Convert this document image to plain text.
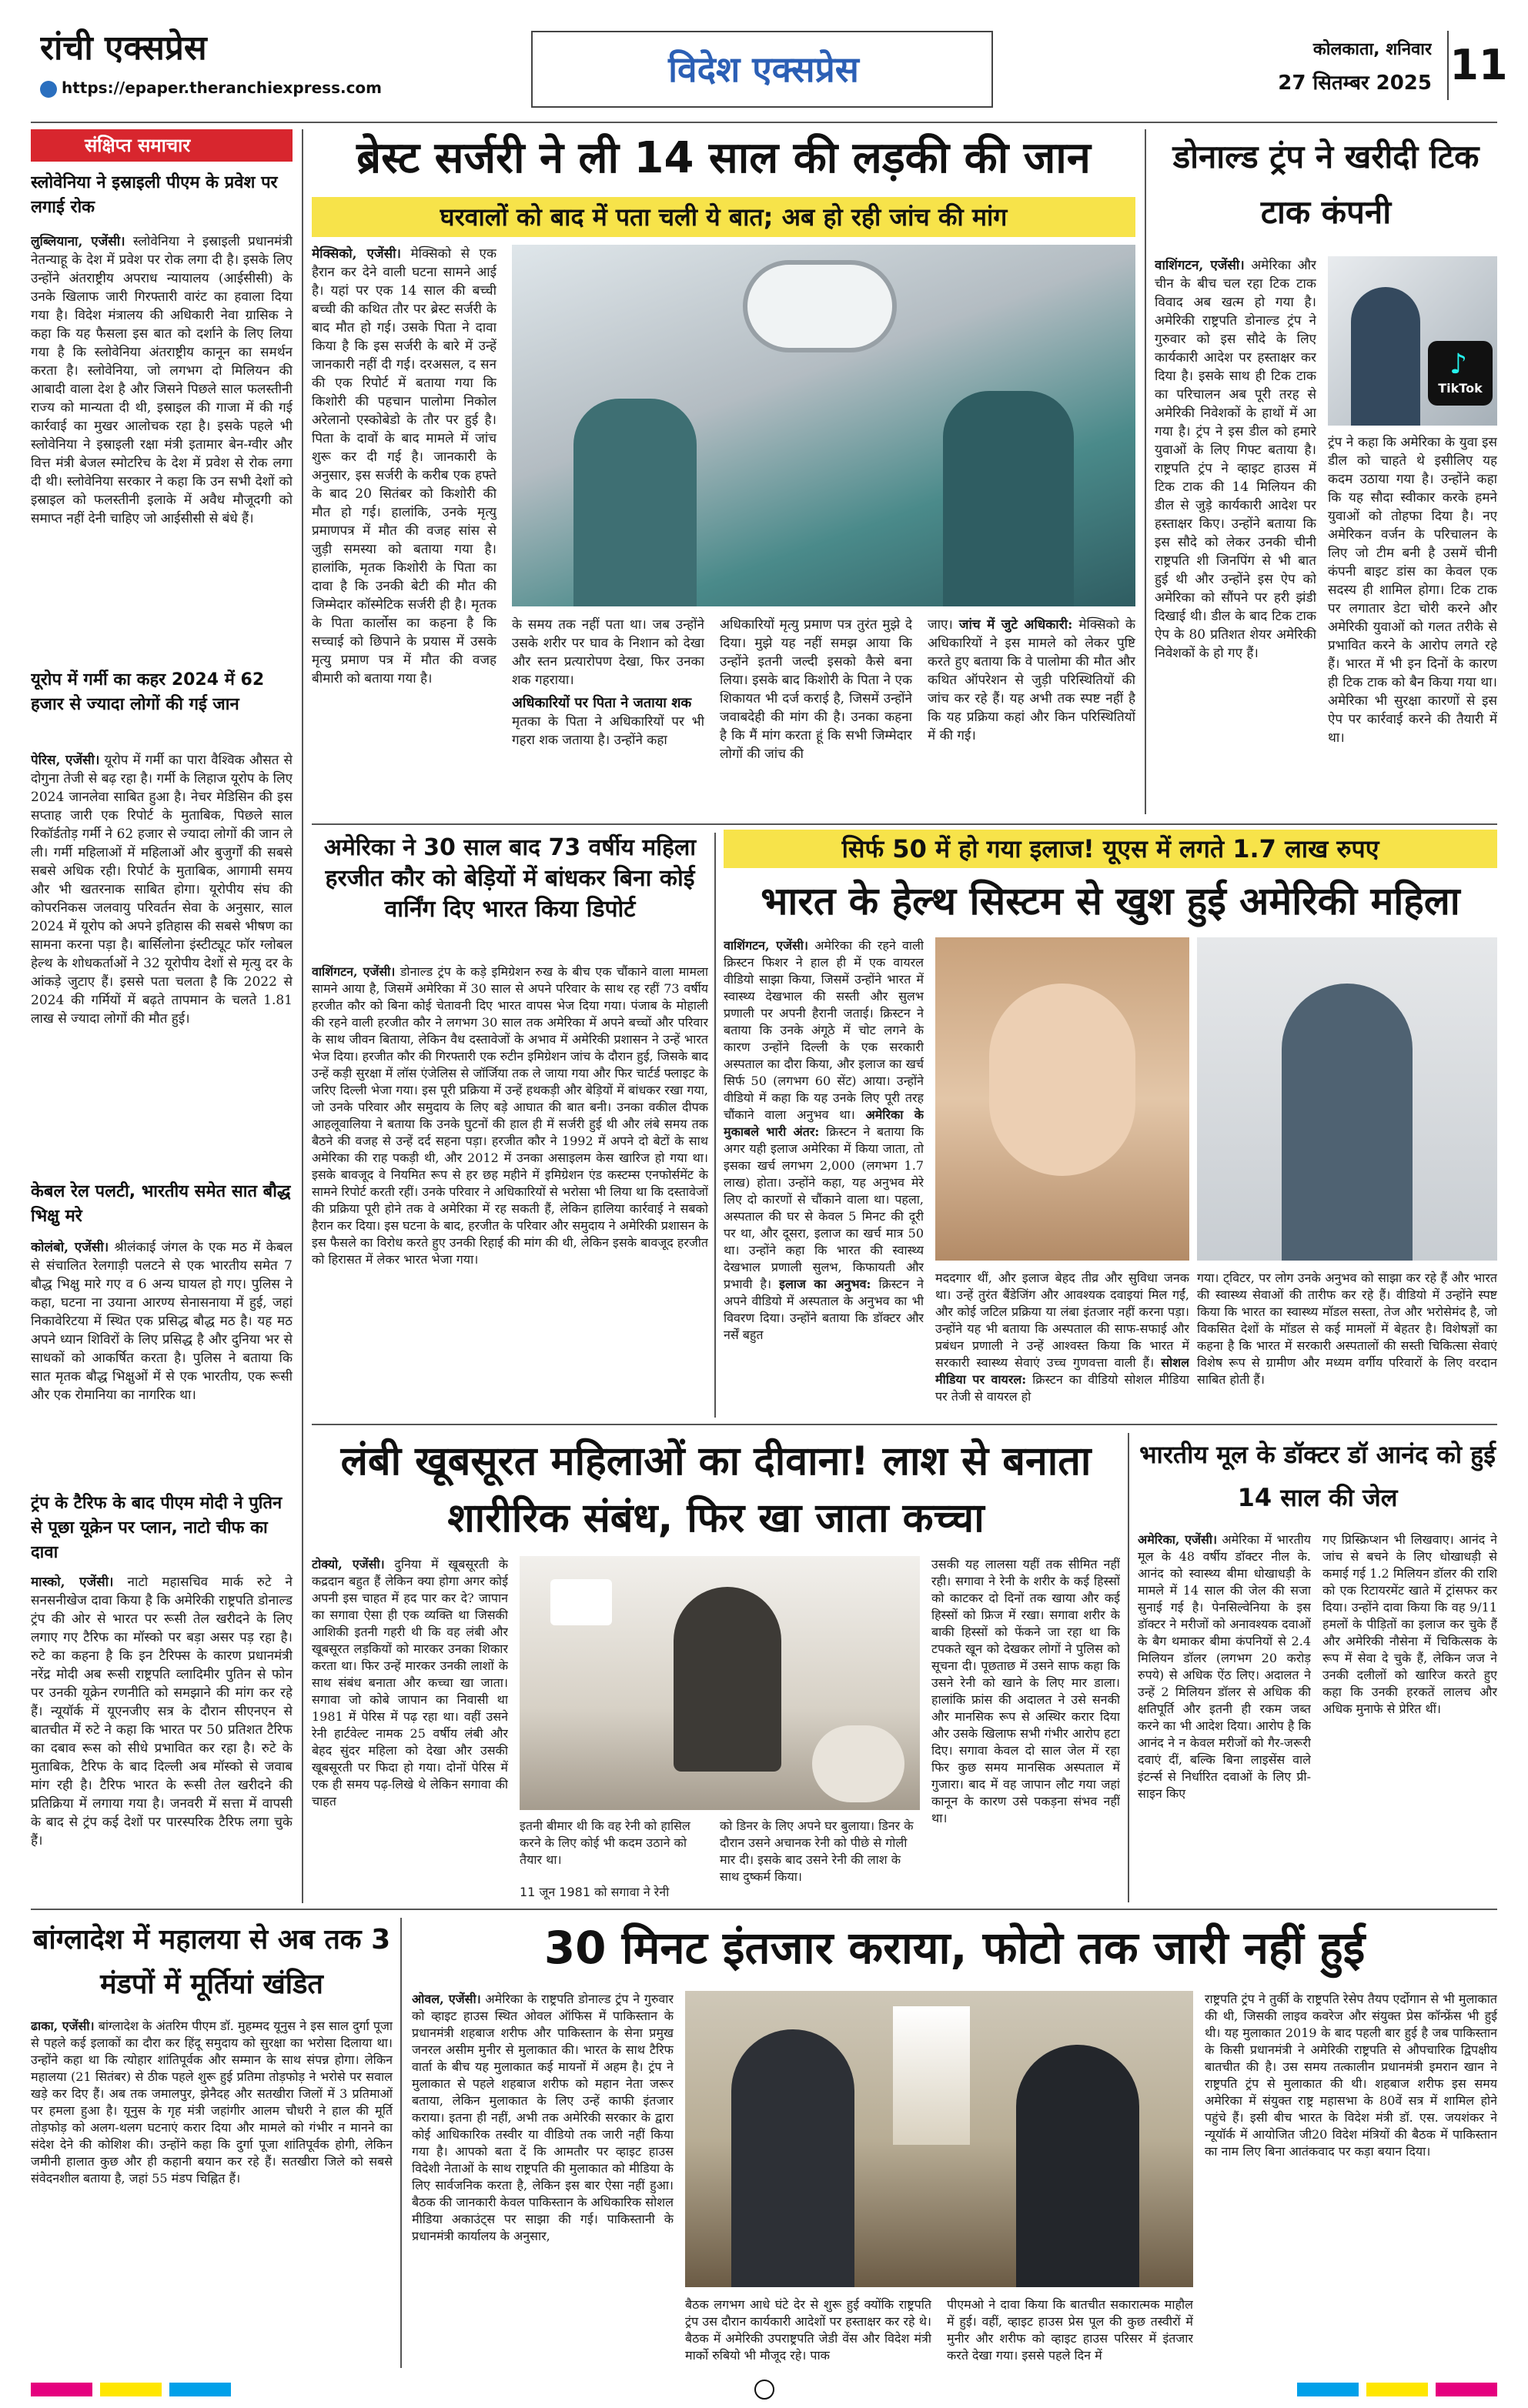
रांची एक्सप्रेस
https://epaper.theranchiexpress.com	विदेश एक्सप्रेस	कोलकाता, शनिवार
27 सितम्बर 2025 11
संक्षिप्त समाचार
स्लोवेनिया ने इस्राइली पीएम के प्रवेश पर लगाई रोक
लुब्लियाना, एजेंसी। स्लोवेनिया ने इस्राइली प्रधानमंत्री नेतन्याहू के देश में प्रवेश पर रोक लगा दी है। इसके लिए उन्होंने अंतराष्ट्रीय अपराध न्यायालय (आईसीसी) के उनके खिलाफ जारी गिरफ्तारी वारंट का हवाला दिया गया है। विदेश मंत्रालय की अधिकारी नेवा ग्रासिक ने कहा कि यह फैसला इस बात को दर्शाने के लिए लिया गया है कि स्लोवेनिया अंतराष्ट्रीय कानून का समर्थन करता है। स्लोवेनिया, जो लगभग दो मिलियन की आबादी वाला देश है और जिसने पिछले साल फलस्तीनी राज्य को मान्यता दी थी, इस्राइल की गाजा में की गई कार्रवाई का मुखर आलोचक रहा है। इसके पहले भी स्लोवेनिया ने इस्राइली रक्षा मंत्री इतामार बेन-ग्वीर और वित्त मंत्री बेजल स्मोटरिच के देश में प्रवेश से रोक लगा दी थी। स्लोवेनिया सरकार ने कहा कि उन सभी देशों को इस्राइल को फलस्तीनी इलाके में अवैध मौजूदगी को समाप्त नहीं देनी चाहिए जो आईसीसी से बंधे हैं।
यूरोप में गर्मी का कहर 2024 में 62 हजार से ज्यादा लोगों की गई जान
पेरिस, एजेंसी। यूरोप में गर्मी का पारा वैश्विक औसत से दोगुना तेजी से बढ़ रहा है। गर्मी के लिहाज यूरोप के लिए 2024 जानलेवा साबित हुआ है। नेचर मेडिसिन की इस सप्ताह जारी एक रिपोर्ट के मुताबिक, पिछले साल रिकॉर्डतोड़ गर्मी ने 62 हजार से ज्यादा लोगों की जान ले ली। गर्मी महिलाओं में महिलाओं और बुजुर्गों की सबसे सबसे अधिक रही। रिपोर्ट के मुताबिक, आगामी समय और भी खतरनाक साबित होगा। यूरोपीय संघ की कोपरनिकस जलवायु परिवर्तन सेवा के अनुसार, साल 2024 में यूरोप को अपने इतिहास की सबसे भीषण का सामना करना पड़ा है। बार्सिलोना इंस्टीट्यूट फॉर ग्लोबल हेल्थ के शोधकर्ताओं ने 32 यूरोपीय देशों से मृत्यु दर के आंकड़े जुटाए हैं। इससे पता चलता है कि 2022 से 2024 की गर्मियों में बढ़ते तापमान के चलते 1.81 लाख से ज्यादा लोगों की मौत हुई।
केबल रेल पलटी, भारतीय समेत सात बौद्ध भिक्षु मरे
कोलंबो, एजेंसी। श्रीलंकाई जंगल के एक मठ में केबल से संचालित रेलगाड़ी पलटने से एक भारतीय समेत 7 बौद्ध भिक्षु मारे गए व 6 अन्य घायल हो गए। पुलिस ने कहा, घटना ना उयाना आरण्य सेनासनाया में हुई, जहां निकावेरिटया में स्थित एक प्रसिद्ध बौद्ध मठ है। यह मठ अपने ध्यान शिविरों के लिए प्रसिद्ध है और दुनिया भर से साधकों को आकर्षित करता है। पुलिस ने बताया कि सात मृतक बौद्ध भिक्षुओं में से एक भारतीय, एक रूसी और एक रोमानिया का नागरिक था।
ट्रंप के टैरिफ के बाद पीएम मोदी ने पुतिन से पूछा यूक्रेन पर प्लान, नाटो चीफ का दावा
मास्को, एजेंसी। नाटो महासचिव मार्क रुटे ने सनसनीखेज दावा किया है कि अमेरिकी राष्ट्रपति डोनाल्ड ट्रंप की ओर से भारत पर रूसी तेल खरीदने के लिए लगाए गए टैरिफ का मॉस्को पर बड़ा असर पड़ रहा है। रुटे का कहना है कि इन टैरिफ्स के कारण प्रधानमंत्री नरेंद्र मोदी अब रूसी राष्ट्रपति व्लादिमीर पुतिन से फोन पर उनकी यूक्रेन रणनीति को समझाने की मांग कर रहे हैं। न्यूयॉर्क में यूएनजीए सत्र के दौरान सीएनएन से बातचीत में रुटे ने कहा कि भारत पर 50 प्रतिशत टैरिफ का दबाव रूस को सीधे प्रभावित कर रहा है। रुटे के मुताबिक, टैरिफ के बाद दिल्ली अब मॉस्को से जवाब मांग रही है। टैरिफ भारत के रूसी तेल खरीदने की प्रतिक्रिया में लगाया गया है। जनवरी में सत्ता में वापसी के बाद से ट्रंप कई देशों पर पारस्परिक टैरिफ लगा चुके हैं।
ब्रेस्ट सर्जरी ने ली 14 साल की लड़की की जान
घरवालों को बाद में पता चली ये बात; अब हो रही जांच की मांग
मेक्सिको, एजेंसी। मेक्सिको से एक हैरान कर देने वाली घटना सामने आई है। यहां पर एक 14 साल की बच्ची बच्ची की कथित तौर पर ब्रेस्ट सर्जरी के बाद मौत हो गई। उसके पिता ने दावा किया है कि इस सर्जरी के बारे में उन्हें जानकारी नहीं दी गई। दरअसल, द सन की एक रिपोर्ट में बताया गया कि किशोरी की पहचान पालोमा निकोल अरेलानो एस्कोबेडो के तौर पर हुई है। पिता के दावों के बाद मामले में जांच शुरू कर दी गई है। जानकारी के अनुसार, इस सर्जरी के करीब एक हफ्ते के बाद 20 सितंबर को किशोरी की मौत हो गई। हालांकि, उनके मृत्यु प्रमाणपत्र में मौत की वजह सांस से जुड़ी समस्या को बताया गया है। हालांकि, मृतक किशोरी के पिता का दावा है कि उनकी बेटी की मौत की जिम्मेदार कॉस्मेटिक सर्जरी ही है। मृतक के पिता कार्लोस का कहना है कि सच्चाई को छिपाने के प्रयास में उसके मृत्यु प्रमाण पत्र में मौत की वजह बीमारी को बताया गया है।
के समय तक नहीं पता था। जब उन्होंने उसके शरीर पर घाव के निशान को देखा और स्तन प्रत्यारोपण देखा, फिर उनका शक गहराया।
अधिकारियों पर पिता ने जताया शक
मृतका के पिता ने अधिकारियों पर भी गहरा शक जताया है। उन्होंने कहा
अधिकारियों मृत्यु प्रमाण पत्र तुरंत मुझे दे दिया। मुझे यह नहीं समझ आया कि उन्होंने इतनी जल्दी इसको कैसे बना लिया। इसके बाद किशोरी के पिता ने एक शिकायत भी दर्ज कराई है, जिसमें उन्होंने जवाबदेही की मांग की है। उनका कहना है कि मैं मांग करता हूं कि सभी जिम्मेदार लोगों की जांच की
जाए। जांच में जुटे अधिकारी: मेक्सिको के अधिकारियों ने इस मामले को लेकर पुष्टि करते हुए बताया कि वे पालोमा की मौत और कथित ऑपरेशन से जुड़ी परिस्थितियों की जांच कर रहे हैं। यह अभी तक स्पष्ट नहीं है कि यह प्रक्रिया कहां और किन परिस्थितियों में की गई।
डोनाल्ड ट्रंप ने खरीदी टिक टाक कंपनी
वाशिंगटन, एजेंसी। अमेरिका और चीन के बीच चल रहा टिक टाक विवाद अब खत्म हो गया है। अमेरिकी राष्ट्रपति डोनाल्ड ट्रंप ने गुरुवार को इस सौदे के लिए कार्यकारी आदेश पर हस्ताक्षर कर दिया है। इसके साथ ही टिक टाक का परिचालन अब पूरी तरह से अमेरिकी निवेशकों के हाथों में आ गया है। ट्रंप ने इस डील को हमारे युवाओं के लिए गिफ्ट बताया है। राष्ट्रपति ट्रंप ने व्हाइट हाउस में टिक टाक की 14 मिलियन की डील से जुड़े कार्यकारी आदेश पर हस्ताक्षर किए। उन्होंने बताया कि इस सौदे को लेकर उनकी चीनी राष्ट्रपति शी जिनपिंग से भी बात हुई थी और उन्होंने इस ऐप को अमेरिका को सौंपने पर हरी झंडी दिखाई थी। डील के बाद टिक टाक ऐप के 80 प्रतिशत शेयर अमेरिकी निवेशकों के हो गए हैं।
♪
TikTok
ट्रंप ने कहा कि अमेरिका के युवा इस डील को चाहते थे इसीलिए यह कदम उठाया गया है। उन्होंने कहा कि यह सौदा स्वीकार करके हमने युवाओं को तोहफा दिया है। नए अमेरिकन वर्जन के परिचालन के लिए जो टीम बनी है उसमें चीनी कंपनी बाइट डांस का केवल एक सदस्य ही शामिल होगा। टिक टाक पर लगातार डेटा चोरी करने और अमेरिकी युवाओं को गलत तरीके से प्रभावित करने के आरोप लगते रहे हैं। भारत में भी इन दिनों के कारण ही टिक टाक को बैन किया गया था। अमेरिका भी सुरक्षा कारणों से इस ऐप पर कार्रवाई करने की तैयारी में था।
अमेरिका ने 30 साल बाद 73 वर्षीय महिला हरजीत कौर को बेड़ियों में बांधकर बिना कोई वार्निंग दिए भारत किया डिपोर्ट
वाशिंगटन, एजेंसी। डोनाल्ड ट्रंप के कड़े इमिग्रेशन रुख के बीच एक चौंकाने वाला मामला सामने आया है, जिसमें अमेरिका में 30 साल से अपने परिवार के साथ रह रहीं 73 वर्षीय हरजीत कौर को बिना कोई चेतावनी दिए भारत वापस भेज दिया गया। पंजाब के मोहाली की रहने वाली हरजीत कौर ने लगभग 30 साल तक अमेरिका में अपने बच्चों और परिवार के साथ जीवन बिताया, लेकिन वैध दस्तावेजों के अभाव में अमेरिकी प्रशासन ने उन्हें भारत भेज दिया। हरजीत कौर की गिरफ्तारी एक रुटीन इमिग्रेशन जांच के दौरान हुई, जिसके बाद उन्हें कड़ी सुरक्षा में लॉस एंजेलिस से जॉर्जिया तक ले जाया गया और फिर चार्टर्ड फ्लाइट के जरिए दिल्ली भेजा गया। इस पूरी प्रक्रिया में उन्हें हथकड़ी और बेड़ियों में बांधकर रखा गया, जो उनके परिवार और समुदाय के लिए बड़े आघात की बात बनी। उनका वकील दीपक आहलूवालिया ने बताया कि उनके घुटनों की हाल ही में सर्जरी हुई थी और लंबे समय तक बैठने की वजह से उन्हें दर्द सहना पड़ा। हरजीत कौर ने 1992 में अपने दो बेटों के साथ अमेरिका की राह पकड़ी थी, और 2012 में उनका असाइलम केस खारिज हो गया था। इसके बावजूद वे नियमित रूप से हर छह महीने में इमिग्रेशन एंड कस्टम्स एनफोर्समेंट के सामने रिपोर्ट करती रहीं। उनके परिवार ने अधिकारियों से भरोसा भी लिया था कि दस्तावेजों की प्रक्रिया पूरी होने तक वे अमेरिका में रह सकती हैं, लेकिन हालिया कार्रवाई ने सबको हैरान कर दिया। इस घटना के बाद, हरजीत के परिवार और समुदाय ने अमेरिकी प्रशासन के इस फैसले का विरोध करते हुए उनकी रिहाई की मांग की थी, लेकिन इसके बावजूद हरजीत को हिरासत में लेकर भारत भेजा गया।
सिर्फ 50 में हो गया इलाज! यूएस में लगते 1.7 लाख रुपए
भारत के हेल्थ सिस्टम से खुश हुई अमेरिकी महिला
वाशिंगटन, एजेंसी। अमेरिका की रहने वाली क्रिस्टन फिशर ने हाल ही में एक वायरल वीडियो साझा किया, जिसमें उन्होंने भारत में स्वास्थ्य देखभाल की सस्ती और सुलभ प्रणाली पर अपनी हैरानी जताई। क्रिस्टन ने बताया कि उनके अंगूठे में चोट लगने के कारण उन्होंने दिल्ली के एक सरकारी अस्पताल का दौरा किया, और इलाज का खर्च सिर्फ 50 (लगभग 60 सेंट) आया। उन्होंने वीडियो में कहा कि यह उनके लिए पूरी तरह चौंकाने वाला अनुभव था। अमेरिका के मुकाबले भारी अंतर: क्रिस्टन ने बताया कि अगर यही इलाज अमेरिका में किया जाता, तो इसका खर्च लगभग 2,000 (लगभग 1.7 लाख) होता। उन्होंने कहा, यह अनुभव मेरे लिए दो कारणों से चौंकाने वाला था। पहला, अस्पताल की घर से केवल 5 मिनट की दूरी पर था, और दूसरा, इलाज का खर्च मात्र 50 था। उन्होंने कहा कि भारत की स्वास्थ्य देखभाल प्रणाली सुलभ, किफायती और प्रभावी है। इलाज का अनुभव: क्रिस्टन ने अपने वीडियो में अस्पताल के अनुभव का भी विवरण दिया। उन्होंने बताया कि डॉक्टर और नर्सें बहुत
मददगार थीं, और इलाज बेहद तीव्र और सुविधा जनक था। उन्हें तुरंत बैंडेजिंग और आवश्यक दवाइयां मिल गईं, और कोई जटिल प्रक्रिया या लंबा इंतजार नहीं करना पड़ा। उन्होंने यह भी बताया कि अस्पताल की साफ-सफाई और प्रबंधन प्रणाली ने उन्हें आश्वस्त किया कि भारत में सरकारी स्वास्थ्य सेवाएं उच्च गुणवत्ता वाली हैं। सोशल मीडिया पर वायरल: क्रिस्टन का वीडियो सोशल मीडिया पर तेजी से वायरल हो
गया। ट्विटर, पर लोग उनके अनुभव को साझा कर रहे हैं और भारत की स्वास्थ्य सेवाओं की तारीफ कर रहे हैं। वीडियो में उन्होंने स्पष्ट किया कि भारत का स्वास्थ्य मॉडल सस्ता, तेज और भरोसेमंद है, जो विकसित देशों के मॉडल से कई मामलों में बेहतर है। विशेषज्ञों का कहना है कि भारत में सरकारी अस्पतालों की सस्ती चिकित्सा सेवाएं विशेष रूप से ग्रामीण और मध्यम वर्गीय परिवारों के लिए वरदान साबित होती हैं।
लंबी खूबसूरत महिलाओं का दीवाना! लाश से बनाता शारीरिक संबंध, फिर खा जाता कच्चा
टोक्यो, एजेंसी। दुनिया में खूबसूरती के कद्रदान बहुत हैं लेकिन क्या होगा अगर कोई अपनी इस चाहत में हद पार कर दे? जापान का सगावा ऐसा ही एक व्यक्ति था जिसकी आशिकी इतनी गहरी थी कि वह लंबी और खूबसूरत लड़कियों को मारकर उनका शिकार करता था। फिर उन्हें मारकर उनकी लाशों के साथ संबंध बनाता और कच्चा खा जाता। सगावा जो कोबे जापान का निवासी था 1981 में पेरिस में पढ़ रहा था। वहीं उसने रेनी हार्टवेल्ट नामक 25 वर्षीय लंबी और बेहद सुंदर महिला को देखा और उसकी खूबसूरती पर फिदा हो गया। दोनों पेरिस में एक ही समय पढ़-लिखे थे लेकिन सगावा की चाहत
इतनी बीमार थी कि वह रेनी को हासिल करने के लिए कोई भी कदम उठाने को तैयार था।
को डिनर के लिए अपने घर बुलाया। डिनर के दौरान उसने अचानक रेनी को पीछे से गोली मार दी। इसके बाद उसने रेनी की लाश के साथ दुष्कर्म किया।
11 जून 1981 को सगावा ने रेनी
उसकी यह लालसा यहीं तक सीमित नहीं रही। सगावा ने रेनी के शरीर के कई हिस्सों को काटकर दो दिनों तक खाया और कई हिस्सों को फ्रिज में रखा। सगावा शरीर के बाकी हिस्सों को फेंकने जा रहा था कि टपकते खून को देखकर लोगों ने पुलिस को सूचना दी। पूछताछ में उसने साफ कहा कि उसने रेनी को खाने के लिए मार डाला। हालांकि फ्रांस की अदालत ने उसे सनकी और मानसिक रूप से अस्थिर करार दिया और उसके खिलाफ सभी गंभीर आरोप हटा दिए। सगावा केवल दो साल जेल में रहा फिर कुछ समय मानसिक अस्पताल में गुजारा। बाद में वह जापान लौट गया जहां कानून के कारण उसे पकड़ना संभव नहीं था।
भारतीय मूल के डॉक्टर डॉ आनंद को हुई 14 साल की जेल
अमेरिका, एजेंसी। अमेरिका में भारतीय मूल के 48 वर्षीय डॉक्टर नील के. आनंद को स्वास्थ्य बीमा धोखाधड़ी के मामले में 14 साल की जेल की सजा सुनाई गई है। पेनसिल्वेनिया के इस डॉक्टर ने मरीजों को अनावश्यक दवाओं के बैग थमाकर बीमा कंपनियों से 2.4 मिलियन डॉलर (लगभग 20 करोड़ रुपये) से अधिक ऐंठ लिए। अदालत ने उन्हें 2 मिलियन डॉलर से अधिक की क्षतिपूर्ति और इतनी ही रकम जब्त करने का भी आदेश दिया। आरोप है कि आनंद ने न केवल मरीजों को गैर-जरूरी दवाएं दीं, बल्कि बिना लाइसेंस वाले इंटर्न्स से निर्धारित दवाओं के लिए प्री-साइन किए
गए प्रिस्क्रिप्शन भी लिखवाए। आनंद ने जांच से बचने के लिए धोखाधड़ी से कमाई गई 1.2 मिलियन डॉलर की राशि को एक रिटायरमेंट खाते में ट्रांसफर कर दिया। उन्होंने दावा किया कि वह 9/11 हमलों के पीड़ितों का इलाज कर चुके हैं और अमेरिकी नौसेना में चिकित्सक के रूप में सेवा दे चुके हैं, लेकिन जज ने उनकी दलीलों को खारिज करते हुए कहा कि उनकी हरकतें लालच और अधिक मुनाफे से प्रेरित थीं।
बांग्लादेश में महालया से अब तक 3 मंडपों में मूर्तियां खंडित
ढाका, एजेंसी। बांग्लादेश के अंतरिम पीएम डॉ. मुहम्मद यूनुस ने इस साल दुर्गा पूजा से पहले कई इलाकों का दौरा कर हिंदू समुदाय को सुरक्षा का भरोसा दिलाया था। उन्होंने कहा था कि त्योहार शांतिपूर्वक और सम्मान के साथ संपन्न होगा। लेकिन महालया (21 सितंबर) से ठीक पहले शुरू हुई प्रतिमा तोड़फोड़ ने भरोसे पर सवाल खड़े कर दिए हैं। अब तक जमालपुर, झेनैदह और सतखीरा जिलों में 3 प्रतिमाओं पर हमला हुआ है। यूनुस के गृह मंत्री जहांगीर आलम चौधरी ने हाल की मूर्ति तोड़फोड़ को अलग-थलग घटनाएं करार दिया और मामले को गंभीर न मानने का संदेश देने की कोशिश की। उन्होंने कहा कि दुर्गा पूजा शांतिपूर्वक होगी, लेकिन जमीनी हालात कुछ और ही कहानी बयान कर रहे हैं। सतखीरा जिले को सबसे संवेदनशील बताया है, जहां 55 मंडप चिह्नित हैं।
30 मिनट इंतजार कराया, फोटो तक जारी नहीं हुई
ओवल, एजेंसी। अमेरिका के राष्ट्रपति डोनाल्ड ट्रंप ने गुरुवार को व्हाइट हाउस स्थित ओवल ऑफिस में पाकिस्तान के प्रधानमंत्री शहबाज शरीफ और पाकिस्तान के सेना प्रमुख जनरल असीम मुनीर से मुलाकात की। भारत के साथ टैरिफ वार्ता के बीच यह मुलाकात कई मायनों में अहम है। ट्रंप ने मुलाकात से पहले शहबाज शरीफ को महान नेता जरूर बताया, लेकिन मुलाकात के लिए उन्हें काफी इंतजार कराया। इतना ही नहीं, अभी तक अमेरिकी सरकार के द्वारा कोई आधिकारिक तस्वीर या वीडियो तक जारी नहीं किया गया है। आपको बता दें कि आमतौर पर व्हाइट हाउस विदेशी नेताओं के साथ राष्ट्रपति की मुलाकात को मीडिया के लिए सार्वजनिक करता है, लेकिन इस बार ऐसा नहीं हुआ। बैठक की जानकारी केवल पाकिस्तान के अधिकारिक सोशल मीडिया अकाउंट्स पर साझा की गई। पाकिस्तानी के प्रधानमंत्री कार्यालय के अनुसार,
बैठक लगभग आधे घंटे देर से शुरू हुई क्योंकि राष्ट्रपति ट्रंप उस दौरान कार्यकारी आदेशों पर हस्ताक्षर कर रहे थे। बैठक में अमेरिकी उपराष्ट्रपति जेडी वेंस और विदेश मंत्री मार्को रुबियो भी मौजूद रहे। पाक
पीएमओ ने दावा किया कि बातचीत सकारात्मक माहौल में हुई। वहीं, व्हाइट हाउस प्रेस पूल की कुछ तस्वीरों में मुनीर और शरीफ को व्हाइट हाउस परिसर में इंतजार करते देखा गया। इससे पहले दिन में
राष्ट्रपति ट्रंप ने तुर्की के राष्ट्रपति रेसेप तैयप एर्दोगान से भी मुलाकात की थी, जिसकी लाइव कवरेज और संयुक्त प्रेस कॉन्फ्रेंस भी हुई थी। यह मुलाकात 2019 के बाद पहली बार हुई है जब पाकिस्तान के किसी प्रधानमंत्री ने अमेरिकी राष्ट्रपति से औपचारिक द्विपक्षीय बातचीत की है। उस समय तत्कालीन प्रधानमंत्री इमरान खान ने राष्ट्रपति ट्रंप से मुलाकात की थी। शहबाज शरीफ इस समय अमेरिका में संयुक्त राष्ट्र महासभा के 80वें सत्र में शामिल होने पहुंचे हैं। इसी बीच भारत के विदेश मंत्री डॉ. एस. जयशंकर ने न्यूयॉर्क में आयोजित जी20 विदेश मंत्रियों की बैठक में पाकिस्तान का नाम लिए बिना आतंकवाद पर कड़ा बयान दिया।
